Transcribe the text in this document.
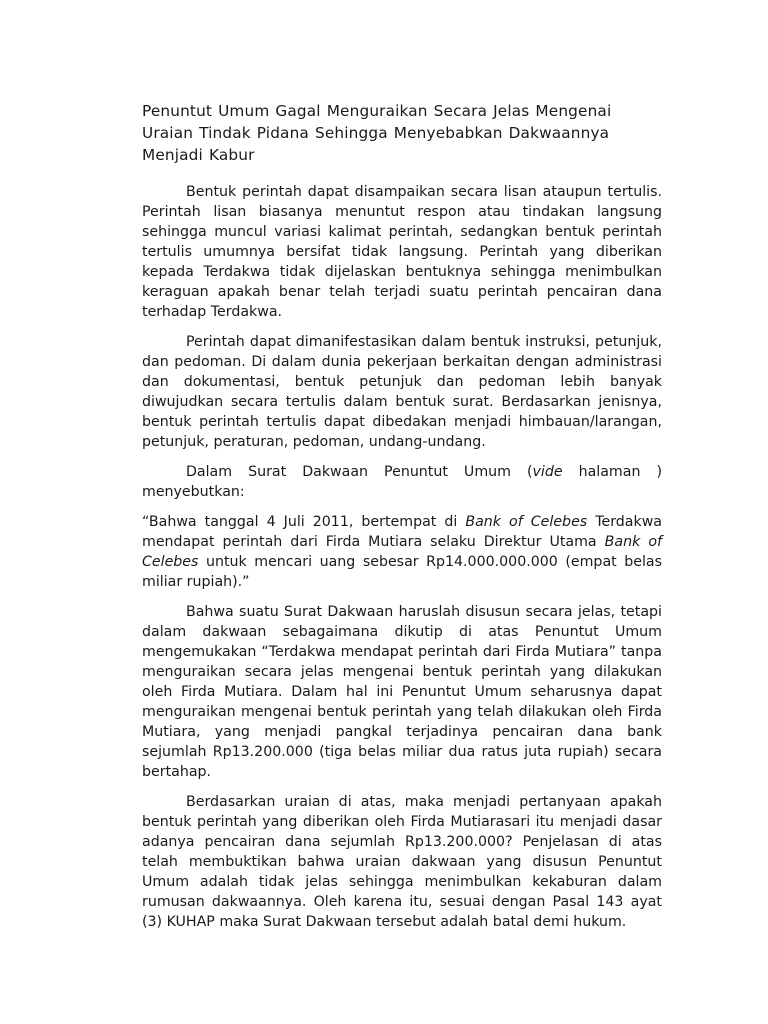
Penuntut Umum Gagal Menguraikan Secara Jelas Mengenai Uraian Tindak Pidana Sehingga Menyebabkan Dakwaannya Menjadi Kabur

Bentuk perintah dapat disampaikan secara lisan ataupun tertulis. Perintah lisan biasanya menuntut respon atau tindakan langsung sehingga muncul variasi kalimat perintah, sedangkan bentuk perintah tertulis umumnya bersifat tidak langsung. Perintah yang diberikan kepada Terdakwa tidak dijelaskan bentuknya sehingga menimbulkan keraguan apakah benar telah terjadi suatu perintah pencairan dana terhadap Terdakwa.

Perintah dapat dimanifestasikan dalam bentuk instruksi, petunjuk, dan pedoman. Di dalam dunia pekerjaan berkaitan dengan administrasi dan dokumentasi, bentuk petunjuk dan pedoman lebih banyak diwujudkan secara tertulis dalam bentuk surat. Berdasarkan jenisnya, bentuk perintah tertulis dapat dibedakan menjadi himbauan/larangan, petunjuk, peraturan, pedoman, undang-undang.

Dalam Surat Dakwaan Penuntut Umum (vide halaman ) menyebutkan:

“Bahwa tanggal 4 Juli 2011, bertempat di Bank of Celebes Terdakwa mendapat perintah dari Firda Mutiara selaku Direktur Utama Bank of Celebes untuk mencari uang sebesar Rp14.000.000.000 (empat belas miliar rupiah).”

Bahwa suatu Surat Dakwaan haruslah disusun secara jelas, tetapi dalam dakwaan sebagaimana dikutip di atas Penuntut Umum mengemukakan “Terdakwa mendapat perintah dari Firda Mutiara” tanpa menguraikan secara jelas mengenai bentuk perintah yang dilakukan oleh Firda Mutiara. Dalam hal ini Penuntut Umum seharusnya dapat menguraikan mengenai bentuk perintah yang telah dilakukan oleh Firda Mutiara, yang menjadi pangkal terjadinya pencairan dana bank sejumlah Rp13.200.000 (tiga belas miliar dua ratus juta rupiah) secara bertahap.

Berdasarkan uraian di atas, maka menjadi pertanyaan apakah bentuk perintah yang diberikan oleh Firda Mutiarasari itu menjadi dasar adanya pencairan dana sejumlah Rp13.200.000? Penjelasan di atas telah membuktikan bahwa uraian dakwaan yang disusun Penuntut Umum adalah tidak jelas sehingga menimbulkan kekaburan dalam rumusan dakwaannya. Oleh karena itu, sesuai dengan Pasal 143 ayat (3) KUHAP maka Surat Dakwaan tersebut adalah batal demi hukum.
